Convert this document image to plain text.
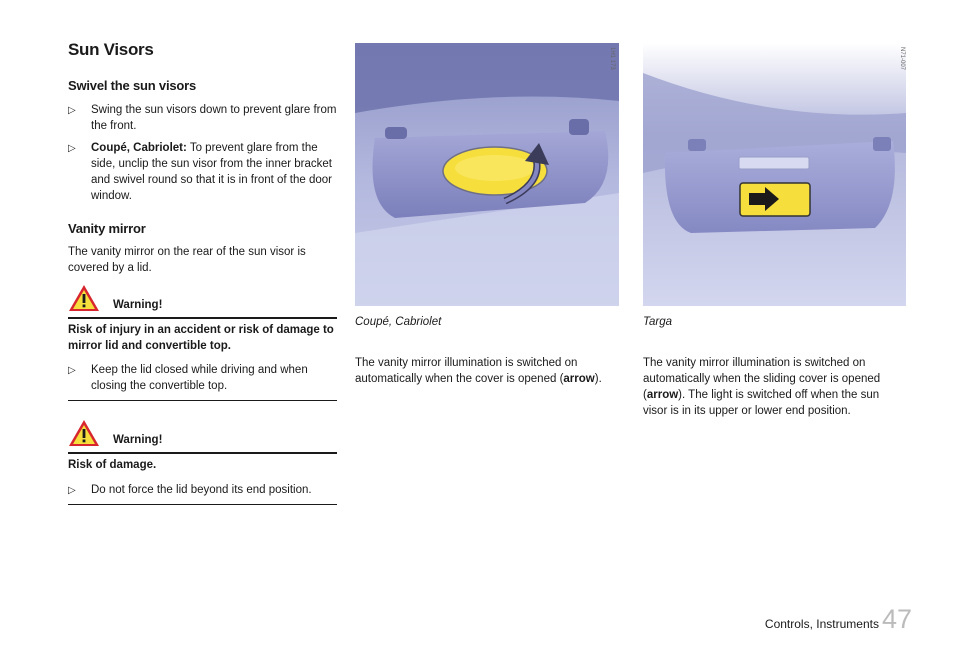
Sun Visors
Swivel the sun visors
▷	Swing the sun visors down to prevent glare from the front.
▷	Coupé, Cabriolet: To prevent glare from the side, unclip the sun visor from the inner bracket and swivel round so that it is in front of the door window.
Vanity mirror
The vanity mirror on the rear of the sun visor is covered by a lid.
Warning!
Risk of injury in an accident or risk of damage to mirror lid and convertible top.
▷	Keep the lid closed while driving and when closing the convertible top.
Warning!
Risk of damage.
▷	Do not force the lid beyond its end position.
1H1 173
Coupé, Cabriolet
The vanity mirror illumination is switched on automatically when the cover is opened (arrow).
N71-007
Targa
The vanity mirror illumination is switched on automatically when the sliding cover is opened (arrow). The light is switched off when the sun visor is in its upper or lower end position.
Controls, Instruments 47
